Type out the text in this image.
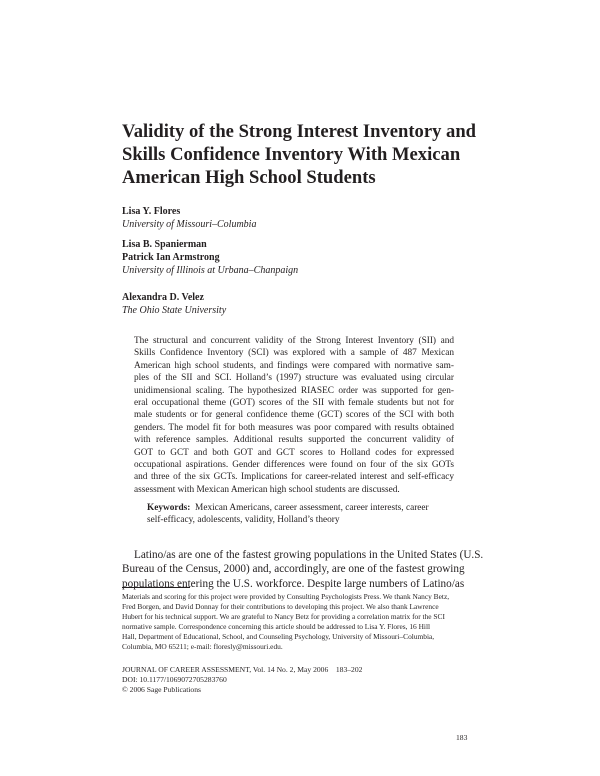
Validity of the Strong Interest Inventory and
Skills Confidence Inventory With Mexican
American High School Students
Lisa Y. Flores
University of Missouri–Columbia
Lisa B. Spanierman
Patrick Ian Armstrong
University of Illinois at Urbana–Chanpaign
Alexandra D. Velez
The Ohio State University

The structural and concurrent validity of the Strong Interest Inventory (SII) and
Skills Confidence Inventory (SCI) was explored with a sample of 487 Mexican
American high school students, and findings were compared with normative sam-
ples of the SII and SCI. Holland’s (1997) structure was evaluated using circular
unidimensional scaling. The hypothesized RIASEC order was supported for gen-
eral occupational theme (GOT) scores of the SII with female students but not for
male students or for general confidence theme (GCT) scores of the SCI with both
genders. The model fit for both measures was poor compared with results obtained
with reference samples. Additional results supported the concurrent validity of
GOT to GCT and both GOT and GCT scores to Holland codes for expressed
occupational aspirations. Gender differences were found on four of the six GOTs
and three of the six GCTs. Implications for career-related interest and self-efficacy
assessment with Mexican American high school students are discussed.

Keywords: Mexican Americans, career assessment, career interests, career
self-efficacy, adolescents, validity, Holland’s theory

Latino/as are one of the fastest growing populations in the United States (U.S.
Bureau of the Census, 2000) and, accordingly, are one of the fastest growing
populations entering the U.S. workforce. Despite large numbers of Latino/as

Materials and scoring for this project were provided by Consulting Psychologists Press. We thank Nancy Betz,
Fred Borgen, and David Donnay for their contributions to developing this project. We also thank Lawrence
Hubert for his technical support. We are grateful to Nancy Betz for providing a correlation matrix for the SCI
normative sample. Correspondence concerning this article should be addressed to Lisa Y. Flores, 16 Hill
Hall, Department of Educational, School, and Counseling Psychology, University of Missouri–Columbia,
Columbia, MO 65211; e-mail: floresly@missouri.edu.

JOURNAL OF CAREER ASSESSMENT, Vol. 14 No. 2, May 2006 183–202
DOI: 10.1177/1069072705283760
© 2006 Sage Publications

183
